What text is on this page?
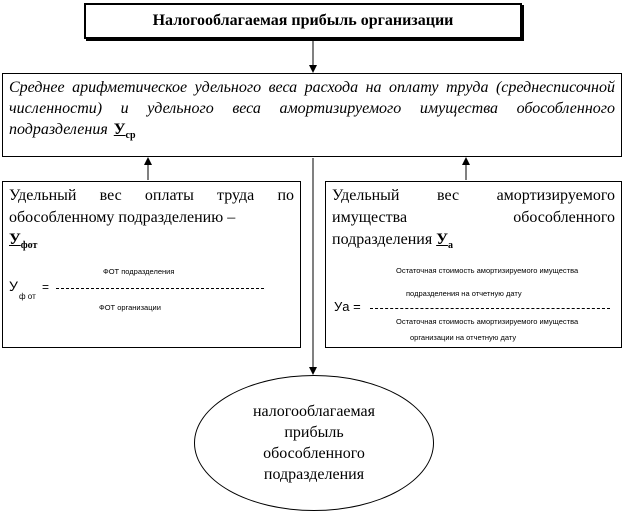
Налогооблагаемая прибыль организации
Среднее арифметическое удельного веса расхода на оплату труда (среднесписочной численности) и удельного веса амортизируемого имущества обособленного подразделения $У_{ср}$
Удельный вес оплаты труда по обособленному подразделению –
$У_{фот}$
ФОТ подразделения
У
ф от
=
ФОТ организации
Удельный вес амортизируемого имущества обособленного подразделения $У_а$
Остаточная стоимость амортизируемого имущества
подразделения на отчетную дату
Уа =
Остаточная стоимость амортизируемого имущества
организации на отчетную дату
налогооблагаемая
прибыль
обособленного
подразделения
